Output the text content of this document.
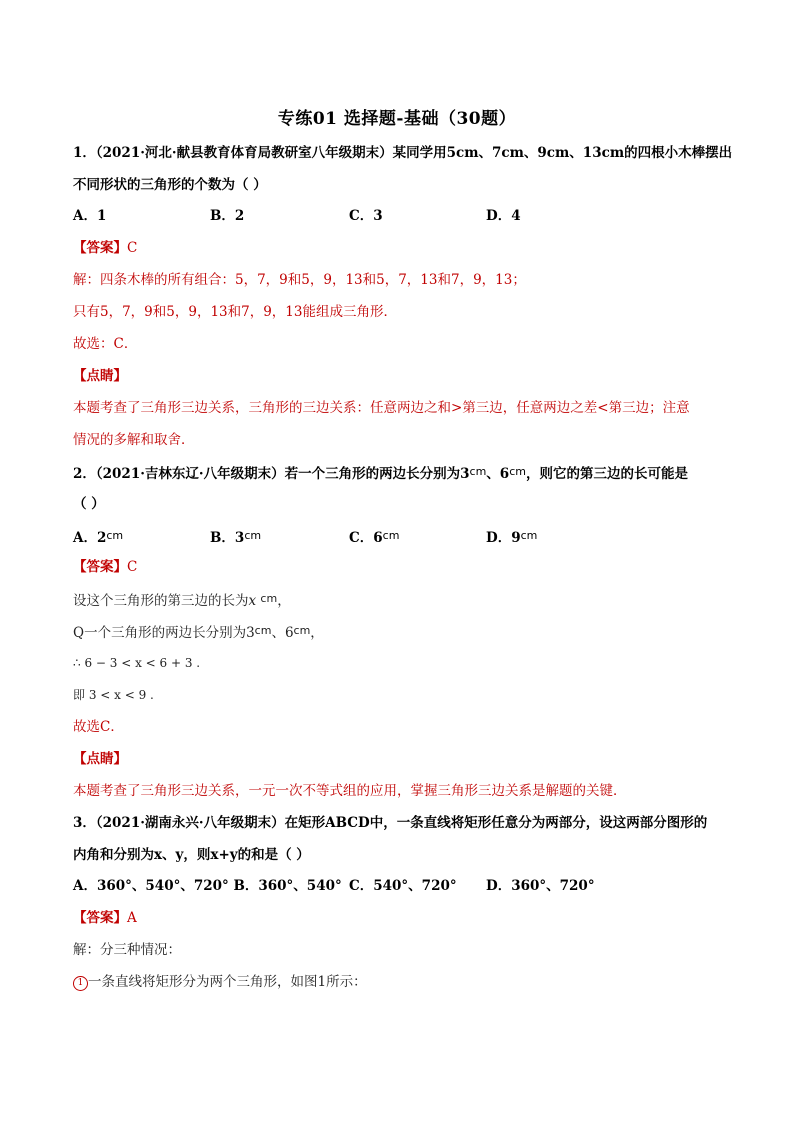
专练01 选择题-基础（30题）
1．（2021·河北·献县教育体育局教研室八年级期末）某同学用5cm、7cm、9cm、13cm的四根小木棒摆出
不同形状的三角形的个数为（ ）
A．1	B．2	C．3	D．4
【答案】C
解：四条木棒的所有组合：5，7，9和5，9，13和5，7，13和7，9，13；
只有5，7，9和5，9，13和7，9，13能组成三角形．
故选：C．
【点睛】
本题考查了三角形三边关系，三角形的三边关系：任意两边之和>第三边，任意两边之差<第三边；注意
情况的多解和取舍．
2．（2021·吉林东辽·八年级期末）若一个三角形的两边长分别为$3^{cm}$、$6^{cm}$，则它的第三边的长可能是
（ ）
A．$2^{cm}$	B．$3^{cm}$	C．$6^{cm}$	D．$9^{cm}$
【答案】C
设这个三角形的第三边的长为x $^{cm}$，
Q一个三角形的两边长分别为$3^{cm}$、$6^{cm}$，
∴ 6 − 3 < x < 6 + 3 .
即 3 < x < 9 .
故选C．
【点睛】
本题考查了三角形三边关系，一元一次不等式组的应用，掌握三角形三边关系是解题的关键．
3．（2021·湖南永兴·八年级期末）在矩形ABCD中，一条直线将矩形任意分为两部分，设这两部分图形的
内角和分别为x、y，则x+y的和是（ ）
A．360°、540°、720° B．360°、540° C．540°、720° D．360°、720°
【答案】A
解：分三种情况：
1 一条直线将矩形分为两个三角形，如图1所示：
